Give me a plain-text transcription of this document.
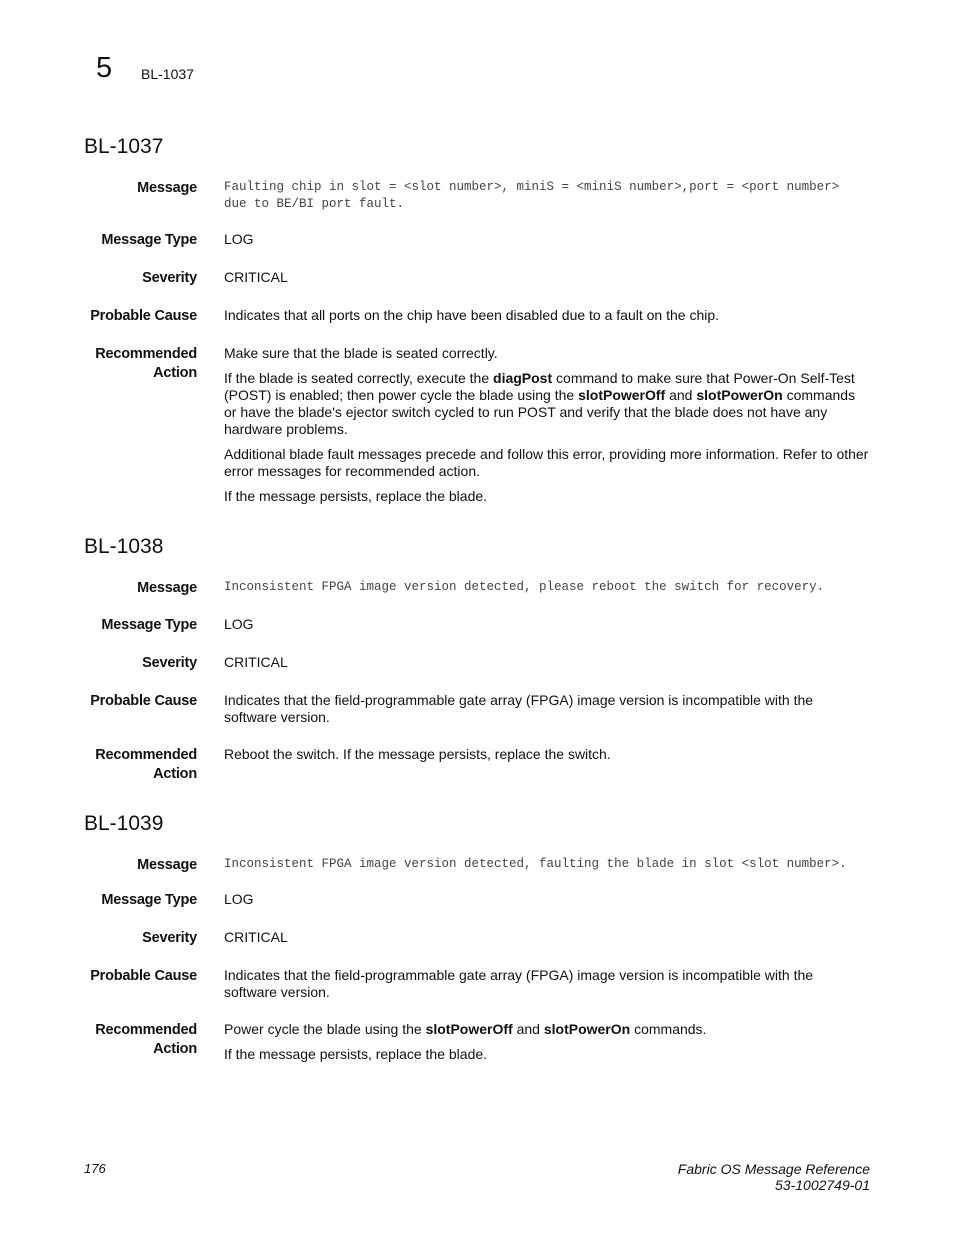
5 BL-1037
BL-1037
Message Faulting chip in slot = <slot number>, miniS = <miniS number>,port = <port number> due to BE/BI port fault.
Message Type LOG
Severity CRITICAL
Probable Cause Indicates that all ports on the chip have been disabled due to a fault on the chip.
Recommended
Action

Make sure that the blade is seated correctly.

If the blade is seated correctly, execute the diagPost command to make sure that Power-On Self-Test (POST) is enabled; then power cycle the blade using the slotPowerOff and slotPowerOn commands or have the blade's ejector switch cycled to run POST and verify that the blade does not have any hardware problems.

Additional blade fault messages precede and follow this error, providing more information. Refer to other error messages for recommended action.

If the message persists, replace the blade.

BL-1038
Message Inconsistent FPGA image version detected, please reboot the switch for recovery.
Message Type LOG
Severity CRITICAL
Probable Cause Indicates that the field-programmable gate array (FPGA) image version is incompatible with the software version.
Recommended
Action

Reboot the switch. If the message persists, replace the switch.

BL-1039
Message Inconsistent FPGA image version detected, faulting the blade in slot <slot number>.
Message Type LOG
Severity CRITICAL
Probable Cause Indicates that the field-programmable gate array (FPGA) image version is incompatible with the software version.
Recommended
Action

Power cycle the blade using the slotPowerOff and slotPowerOn commands.

If the message persists, replace the blade.

176	Fabric OS Message Reference
53-1002749-01
